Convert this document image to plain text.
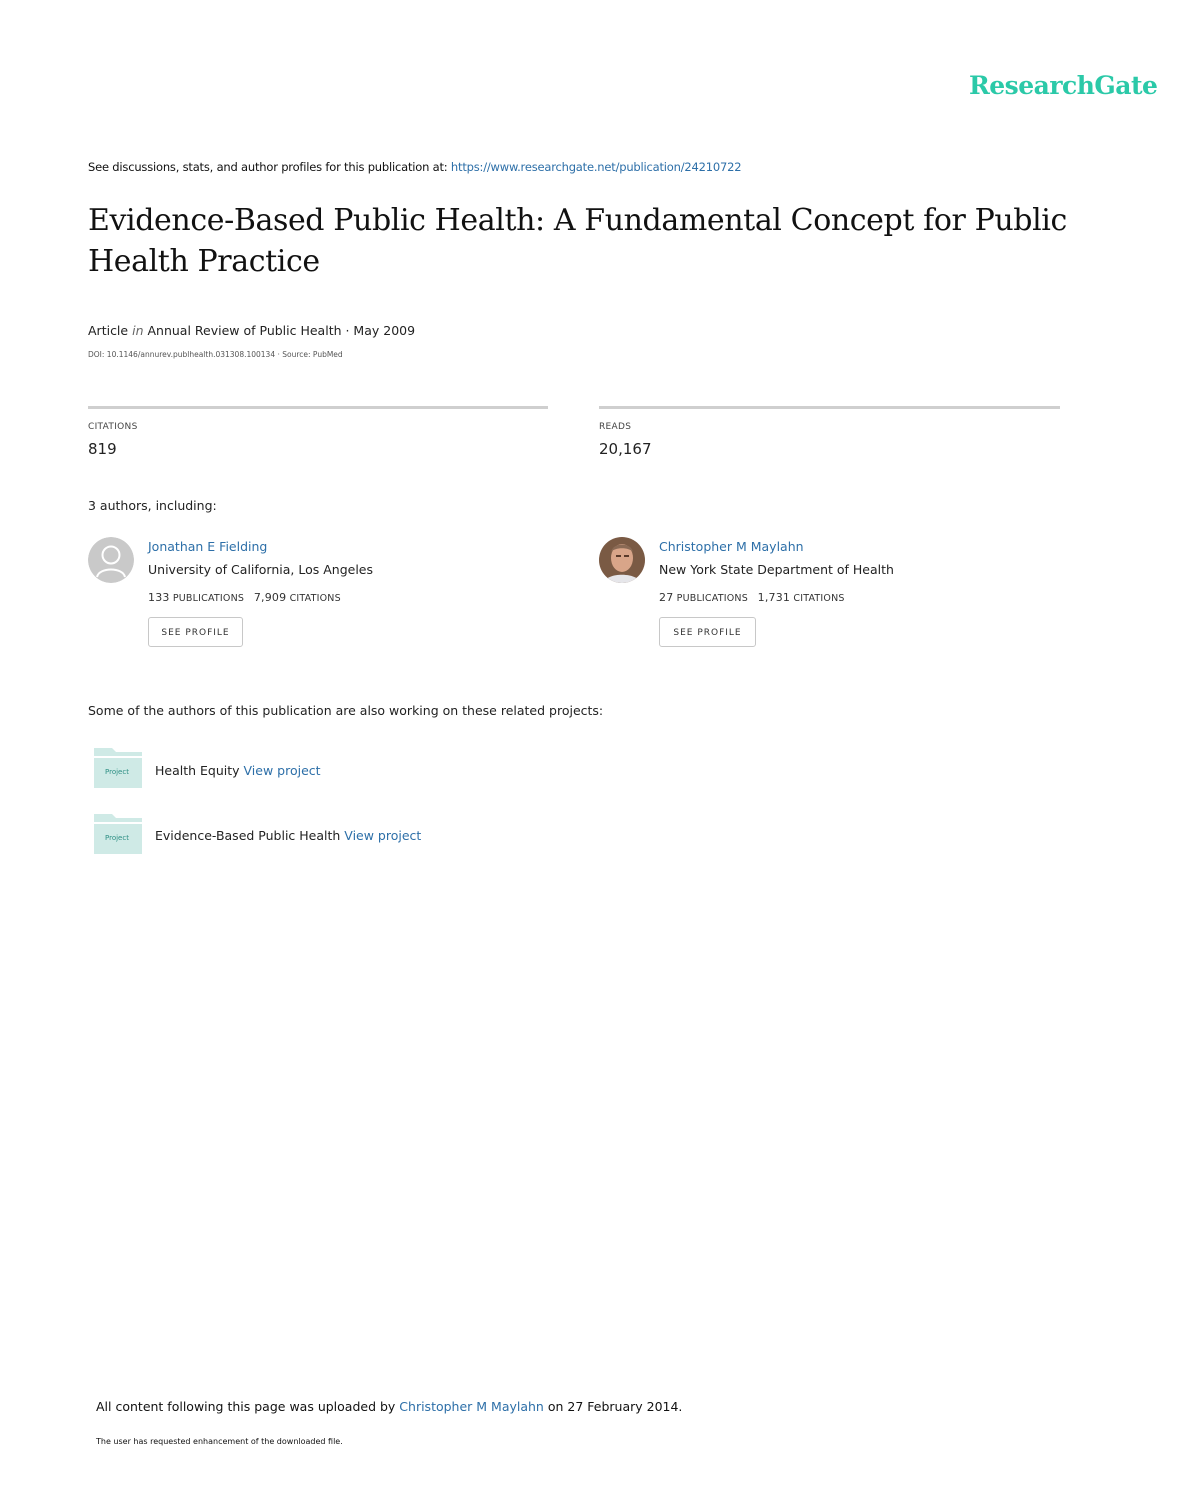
ResearchGate
See discussions, stats, and author profiles for this publication at: https://www.researchgate.net/publication/24210722
Evidence-Based Public Health: A Fundamental Concept for Public Health Practice
Article in Annual Review of Public Health · May 2009
DOI: 10.1146/annurev.publhealth.031308.100134 · Source: PubMed
CITATIONS
819
READS
20,167
3 authors, including:
Jonathan E Fielding
University of California, Los Angeles
133 PUBLICATIONS 7,909 CITATIONS
SEE PROFILE
Christopher M Maylahn
New York State Department of Health
27 PUBLICATIONS 1,731 CITATIONS
SEE PROFILE
Some of the authors of this publication are also working on these related projects:
Project Health Equity View project
Project Evidence-Based Public Health View project
All content following this page was uploaded by Christopher M Maylahn on 27 February 2014.
The user has requested enhancement of the downloaded file.
